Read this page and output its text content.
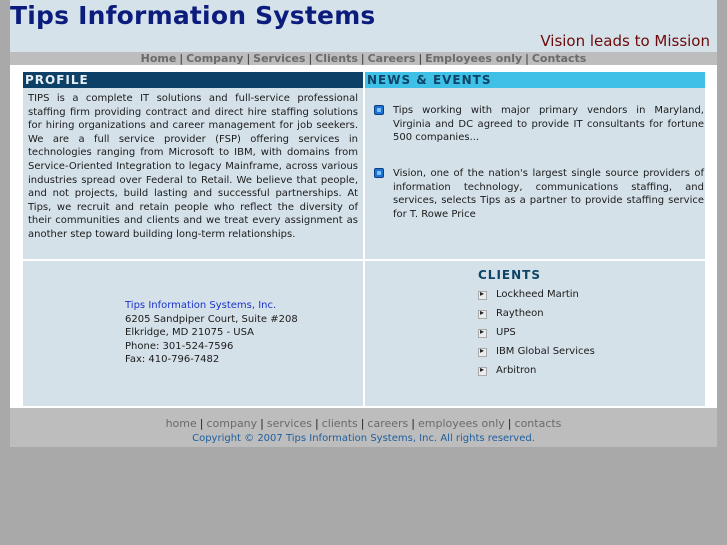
Tips Information Systems
Vision leads to Mission
Home | Company | Services | Clients | Careers | Employees only | Contacts
PROFILE	NEWS & EVENTS
TIPS is a complete IT solutions and full-service professional staffing firm providing contract and direct hire staffing solutions for hiring organizations and career management for job seekers. We are a full service provider (FSP) offering services in technologies ranging from Microsoft to IBM, with domains from Service-Oriented Integration to legacy Mainframe, across various industries spread over Federal to Retail. We believe that people, and not projects, build lasting and successful partnerships. At Tips, we recruit and retain people who reflect the diversity of their communities and clients and we treat every assignment as another step toward building long-term relationships.
Tips working with major primary vendors in Maryland, Virginia and DC agreed to provide IT consultants for fortune 500 companies...
Vision, one of the nation's largest single source providers of information technology, communications staffing, and services, selects Tips as a partner to provide staffing service for T. Rowe Price
Tips Information Systems, Inc.
6205 Sandpiper Court, Suite #208
Elkridge, MD 21075 - USA
Phone: 301-524-7596
Fax: 410-796-7482
CLIENTS
▸
Lockheed Martin
▸
Raytheon
▸
UPS
▸
IBM Global Services
▸
Arbitron
home | company | services | clients | careers | employees only | contacts
Copyright © 2007 Tips Information Systems, Inc. All rights reserved.
